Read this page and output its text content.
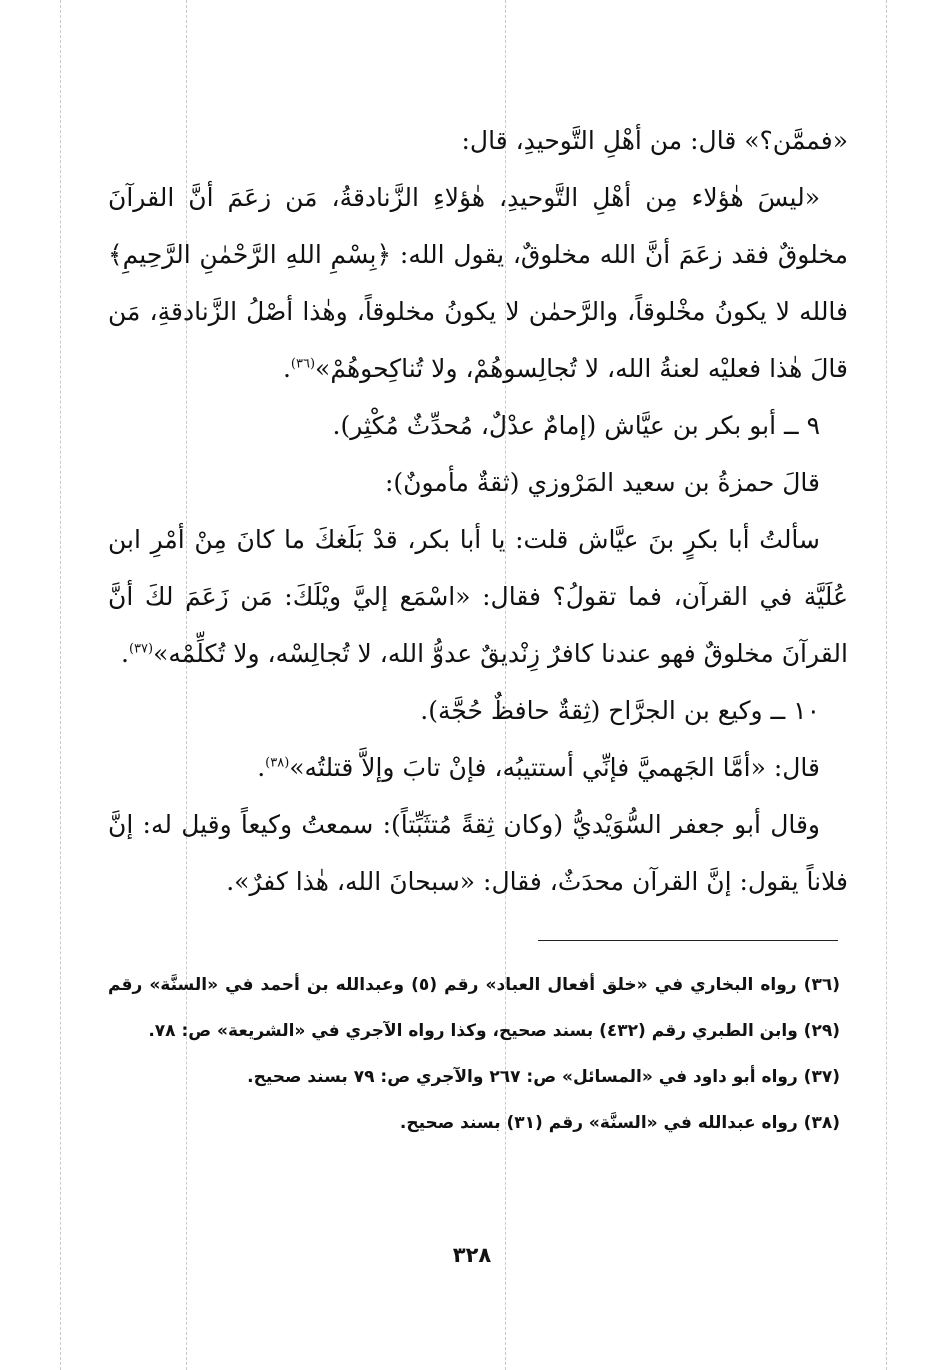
«فممَّن؟» قال: من أهْلِ التَّوحيدِ، قال:

«ليسَ هٰؤلاء مِن أهْلِ التَّوحيدِ، هٰؤلاءِ الزَّنادقةُ، مَن زعَمَ أنَّ القرآنَ مخلوقٌ فقد زعَمَ أنَّ الله مخلوقٌ، يقول الله: ﴿بِسْمِ اللهِ الرَّحْمٰنِ الرَّحِيمِ﴾ فالله لا يكونُ مخْلوقاً، والرَّحمٰن لا يكونُ مخلوقاً، وهٰذا أصْلُ الزَّنادقةِ، مَن قالَ هٰذا فعليْه لعنةُ الله، لا تُجالِسوهُمْ، ولا تُناكِحوهُمْ»$^{(٣٦)}$.

٩ ــ أبو بكر بن عيَّاش (إمامٌ عدْلٌ، مُحدِّثٌ مُكْثِر).

قالَ حمزةُ بن سعيد المَرْوزي (ثقةٌ مأمونٌ):

سألتُ أبا بكرٍ بنَ عيَّاش قلت: يا أبا بكر، قدْ بَلَغكَ ما كانَ مِنْ أمْرِ ابن عُلَيَّة في القرآن، فما تقولُ؟ فقال: «اسْمَع إليَّ ويْلَكَ: مَن زَعَمَ لكَ أنَّ القرآنَ مخلوقٌ فهو عندنا كافرٌ زِنْديقٌ عدوُّ الله، لا تُجالِسْه، ولا تُكلِّمْه»$^{(٣٧)}$.

١٠ ــ وكيع بن الجرَّاح (ثِقةٌ حافظٌ حُجَّة).

قال: «أمَّا الجَهميَّ فإنِّي أستتيبُه، فإنْ تابَ وإلاَّ قتلتُه»$^{(٣٨)}$.

وقال أبو جعفر السُّوَيْديُّ (وكان ثِقةً مُتثَبِّتاً): سمعتُ وكيعاً وقيل له: إنَّ فلاناً يقول: إنَّ القرآن محدَثٌ، فقال: «سبحانَ الله، هٰذا كفرٌ».

(٣٦) رواه البخاري في «خلق أفعال العباد» رقم (٥) وعبدالله بن أحمد في «السنَّة» رقم (٢٩) وابن الطبري رقم (٤٣٢) بسند صحيح، وكذا رواه الآجري في «الشريعة» ص: ٧٨.

(٣٧) رواه أبو داود في «المسائل» ص: ٢٦٧ والآجري ص: ٧٩ بسند صحيح.

(٣٨) رواه عبدالله في «السنَّة» رقم (٣١) بسند صحيح.

٣٢٨
